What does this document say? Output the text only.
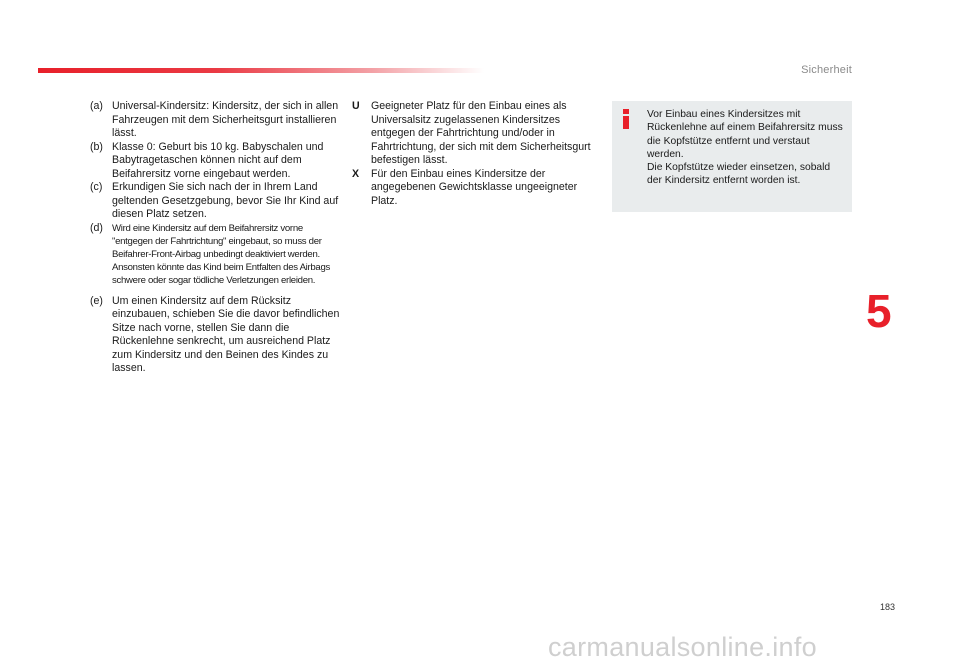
Sicherheit
(a) Universal-Kindersitz: Kindersitz, der sich in allen Fahrzeugen mit dem Sicherheitsgurt installieren lässt.
(b) Klasse 0: Geburt bis 10 kg. Babyschalen und Babytragetaschen können nicht auf dem Beifahrersitz vorne eingebaut werden.
(c) Erkundigen Sie sich nach der in Ihrem Land geltenden Gesetzgebung, bevor Sie Ihr Kind auf diesen Platz setzen.
(d) Wird eine Kindersitz auf dem Beifahrersitz vorne "entgegen der Fahrtrichtung" eingebaut, so muss der Beifahrer-Front-Airbag unbedingt deaktiviert werden. Ansonsten könnte das Kind beim Entfalten des Airbags schwere oder sogar tödliche Verletzungen erleiden.
(e) Um einen Kindersitz auf dem Rücksitz einzubauen, schieben Sie die davor befindlichen Sitze nach vorne, stellen Sie dann die Rückenlehne senkrecht, um ausreichend Platz zum Kindersitz und den Beinen des Kindes zu lassen.
U	Geeigneter Platz für den Einbau eines als Universalsitz zugelassenen Kindersitzes entgegen der Fahrtrichtung und/oder in Fahrtrichtung, der sich mit dem Sicherheitsgurt befestigen lässt.
X	Für den Einbau eines Kindersitze der angegebenen Gewichtsklasse ungeeigneter Platz.

Vor Einbau eines Kindersitzes mit Rückenlehne auf einem Beifahrersitz muss die Kopfstütze entfernt und verstaut werden.

Die Kopfstütze wieder einsetzen, sobald der Kindersitz entfernt worden ist.

5
183
carmanualsonline.info
